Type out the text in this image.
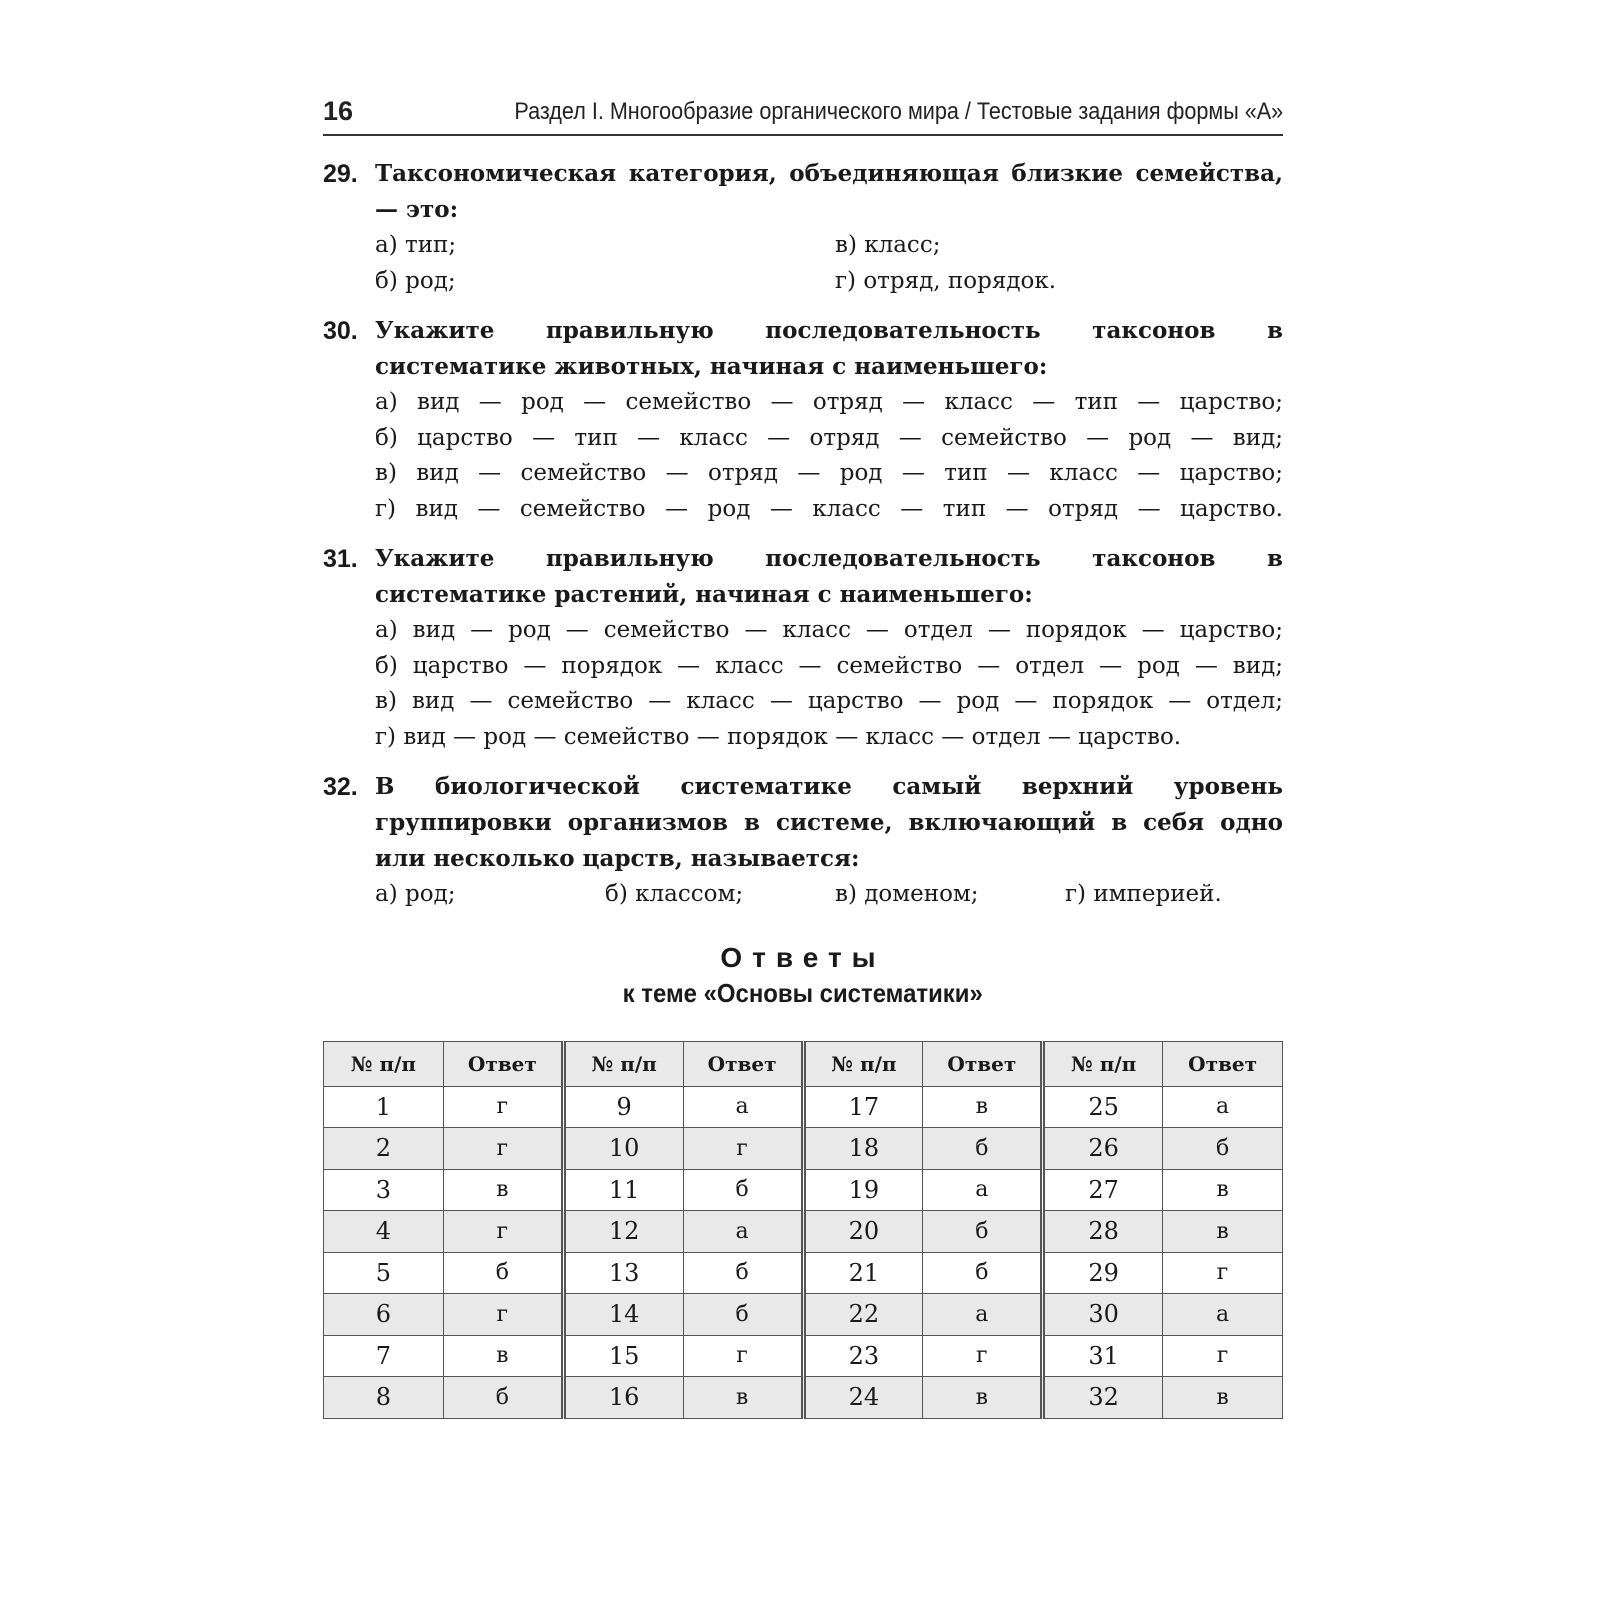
16	Раздел I. Многообразие органического мира / Тестовые задания формы «А»
29. Таксономическая категория, объединяющая близкие семейства, — это:
а) тип;	в) класс;
б) род;	г) отряд, порядок.
30. Укажите правильную последовательность таксонов в систематике животных, начиная с наименьшего:
а) вид — род — семейство — отряд — класс — тип — царство;
б) царство — тип — класс — отряд — семейство — род — вид;
в) вид — семейство — отряд — род — тип — класс — царство;
г) вид — семейство — род — класс — тип — отряд — царство.
31. Укажите правильную последовательность таксонов в систематике растений, начиная с наименьшего:
а) вид — род — семейство — класс — отдел — порядок — царство;
б) царство — порядок — класс — семейство — отдел — род — вид;
в) вид — семейство — класс — царство — род — порядок — отдел;
г) вид — род — семейство — порядок — класс — отдел — царство.
32. В биологической систематике самый верхний уровень группировки организмов в системе, включающий в себя одно или несколько царств, называется:
а) род;	б) классом;	в) доменом;	г) империей.
Ответы
к теме «Основы систематики»
№ п/п	Ответ	№ п/п	Ответ	№ п/п	Ответ	№ п/п	Ответ
1	г	9	а	17	в	25	а
2	г	10	г	18	б	26	б
3	в	11	б	19	а	27	в
4	г	12	а	20	б	28	в
5	б	13	б	21	б	29	г
6	г	14	б	22	а	30	а
7	в	15	г	23	г	31	г
8	б	16	в	24	в	32	в
